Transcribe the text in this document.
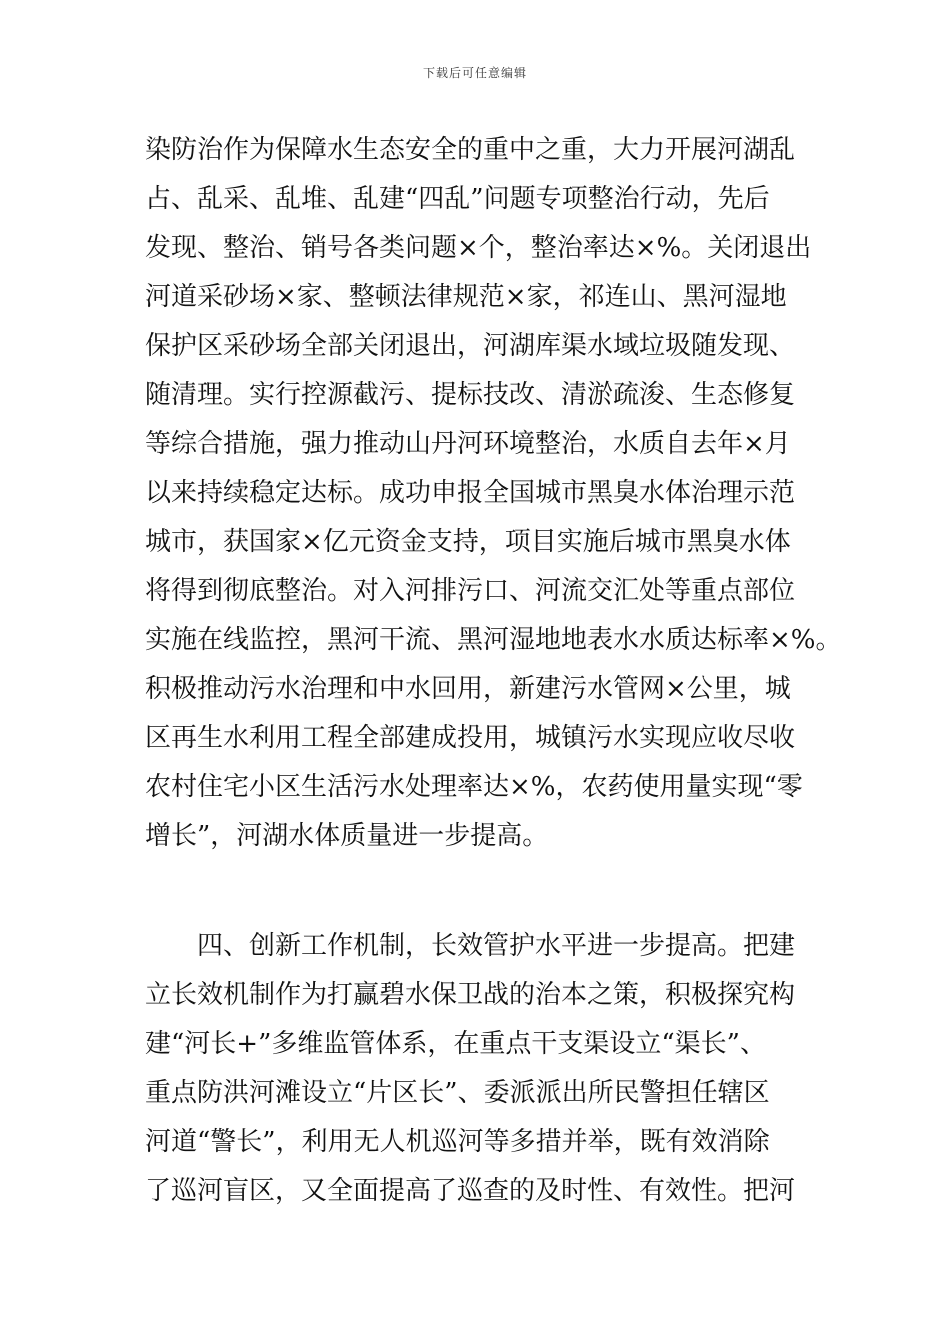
下载后可任意编辑
染防治作为保障水生态安全的重中之重，大力开展河湖乱
占、乱采、乱堆、乱建“四乱”问题专项整治行动，先后
发现、整治、销号各类问题×个，整治率达×%。关闭退出
河道采砂场×家、整顿法律规范×家，祁连山、黑河湿地
保护区采砂场全部关闭退出，河湖库渠水域垃圾随发现、
随清理。实行控源截污、提标技改、清淤疏浚、生态修复
等综合措施，强力推动山丹河环境整治，水质自去年×月
以来持续稳定达标。成功申报全国城市黑臭水体治理示范
城市，获国家×亿元资金支持，项目实施后城市黑臭水体
将得到彻底整治。对入河排污口、河流交汇处等重点部位
实施在线监控，黑河干流、黑河湿地地表水水质达标率×%。
积极推动污水治理和中水回用，新建污水管网×公里，城
区再生水利用工程全部建成投用，城镇污水实现应收尽收
农村住宅小区生活污水处理率达×%，农药使用量实现“零
增长”，河湖水体质量进一步提高。
四、创新工作机制，长效管护水平进一步提高。把建
立长效机制作为打赢碧水保卫战的治本之策，积极探究构
建“河长+”多维监管体系，在重点干支渠设立“渠长”、
重点防洪河滩设立“片区长”、委派派出所民警担任辖区
河道“警长”，利用无人机巡河等多措并举，既有效消除
了巡河盲区，又全面提高了巡查的及时性、有效性。把河
